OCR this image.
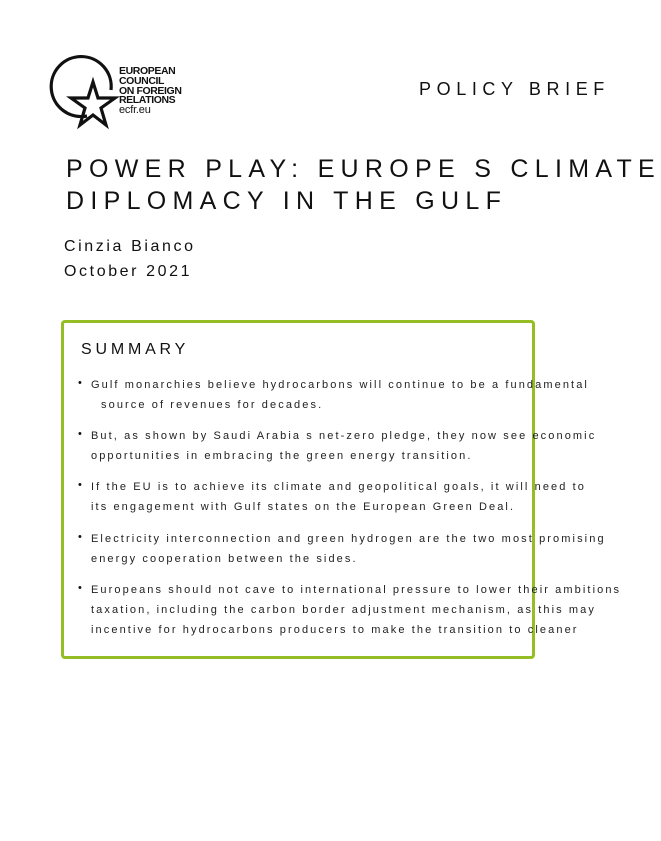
EUROPEAN
COUNCIL
ON FOREIGN
RELATIONS
ecfr.eu
POLICY BRIEF
POWER PLAY: EUROPE S CLIMATE
DIPLOMACY IN THE GULF
Cinzia Bianco
October 2021
SUMMARY
• Gulf monarchies believe hydrocarbons will continue to be a fundamental
source of revenues for decades.
• But, as shown by Saudi Arabia s net-zero pledge, they now see economic
opportunities in embracing the green energy transition.
• If the EU is to achieve its climate and geopolitical goals, it will need to
its engagement with Gulf states on the European Green Deal.
• Electricity interconnection and green hydrogen are the two most promising
energy cooperation between the sides.
• Europeans should not cave to international pressure to lower their ambitions
taxation, including the carbon border adjustment mechanism, as this may
incentive for hydrocarbons producers to make the transition to cleaner
